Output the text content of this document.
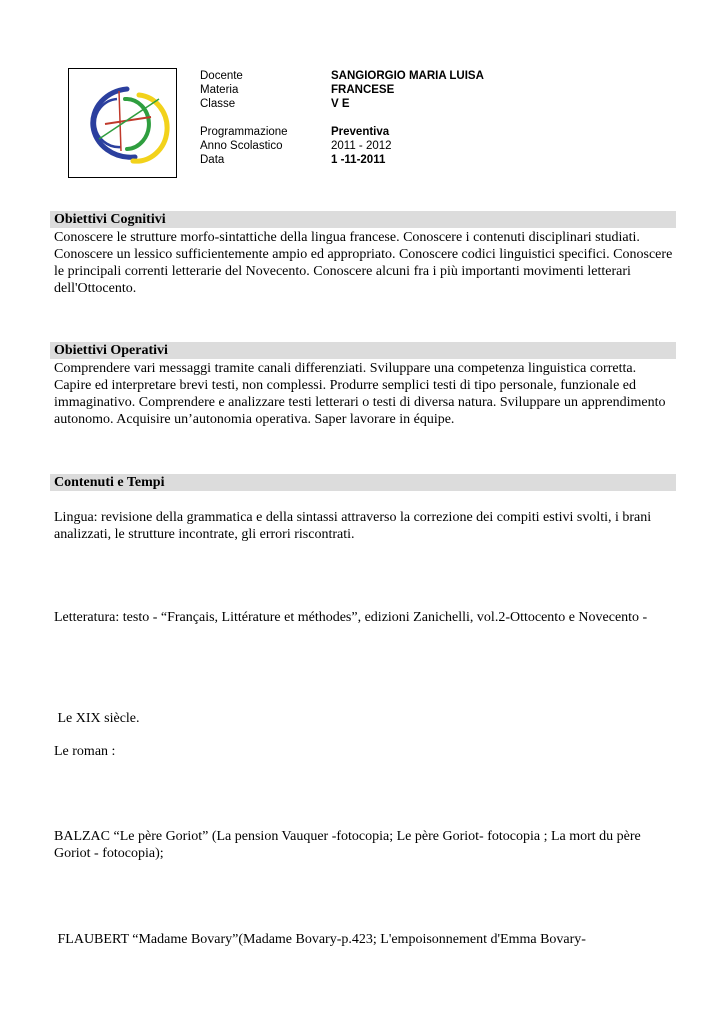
Docente
Materia
Classe
Programmazione
Anno Scolastico
Data
SANGIORGIO MARIA LUISA
FRANCESE
V E
Preventiva
2011 - 2012
1 -11-2011
Obiettivi Cognitivi
Conoscere le strutture morfo-sintattiche della lingua francese. Conoscere i contenuti disciplinari studiati. Conoscere un lessico sufficientemente ampio ed appropriato. Conoscere codici linguistici specifici. Conoscere le principali correnti letterarie del Novecento. Conoscere alcuni fra i più importanti movimenti letterari dell'Ottocento.
Obiettivi Operativi
Comprendere vari messaggi tramite canali differenziati. Sviluppare una competenza linguistica corretta. Capire ed interpretare brevi testi, non complessi. Produrre semplici testi di tipo personale, funzionale ed immaginativo. Comprendere e analizzare testi letterari o testi di diversa natura. Sviluppare un apprendimento autonomo. Acquisire un’autonomia operativa. Saper lavorare in équipe.
Contenuti e Tempi
Lingua: revisione della grammatica e della sintassi attraverso la correzione dei compiti estivi svolti, i brani analizzati, le strutture incontrate, gli errori riscontrati.
Letteratura: testo - “Français, Littérature et méthodes”, edizioni Zanichelli, vol.2-Ottocento e Novecento -
Le XIX siècle.
Le roman :
BALZAC “Le père Goriot” (La pension Vauquer -fotocopia; Le père Goriot- fotocopia ; La mort du père Goriot - fotocopia);
FLAUBERT “Madame Bovary”(Madame Bovary-p.423; L'empoisonnement d'Emma Bovary-
